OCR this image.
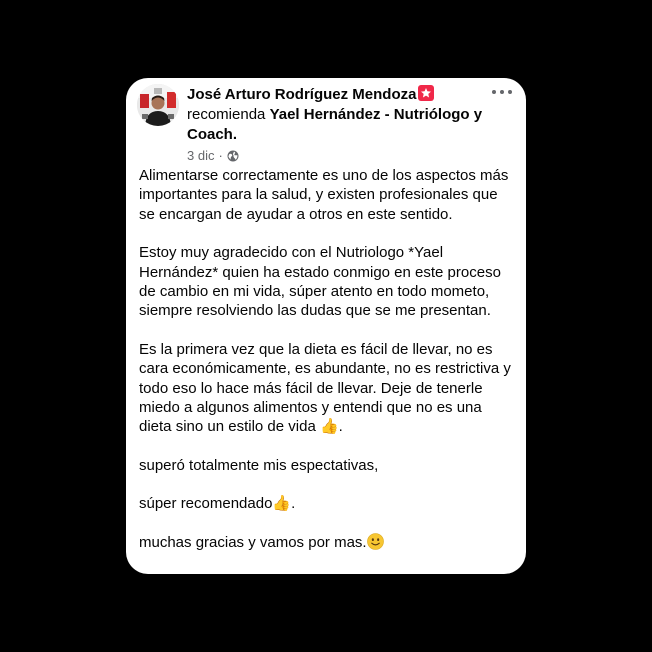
José Arturo Rodríguez Mendoza

recomienda Yael Hernández - Nutriólogo y Coach.
3 dic ·

Alimentarse correctamente es uno de los aspectos más importantes para la salud, y existen profesionales que se encargan de ayudar a otros en este sentido.

Estoy muy agradecido con el Nutriologo *Yael Hernández* quien ha estado conmigo en este proceso de cambio en mi vida, súper atento en todo mometo, siempre resolviendo las dudas que se me presentan.

Es la primera vez que la dieta es fácil de llevar, no es cara económicamente, es abundante, no es restrictiva y todo eso lo hace más fácil de llevar. Deje de tenerle miedo a algunos alimentos y entendi que no es una dieta sino un estilo de vida 👍.

superó totalmente mis espectativas,

súper recomendado👍.

muchas gracias y vamos por mas.
